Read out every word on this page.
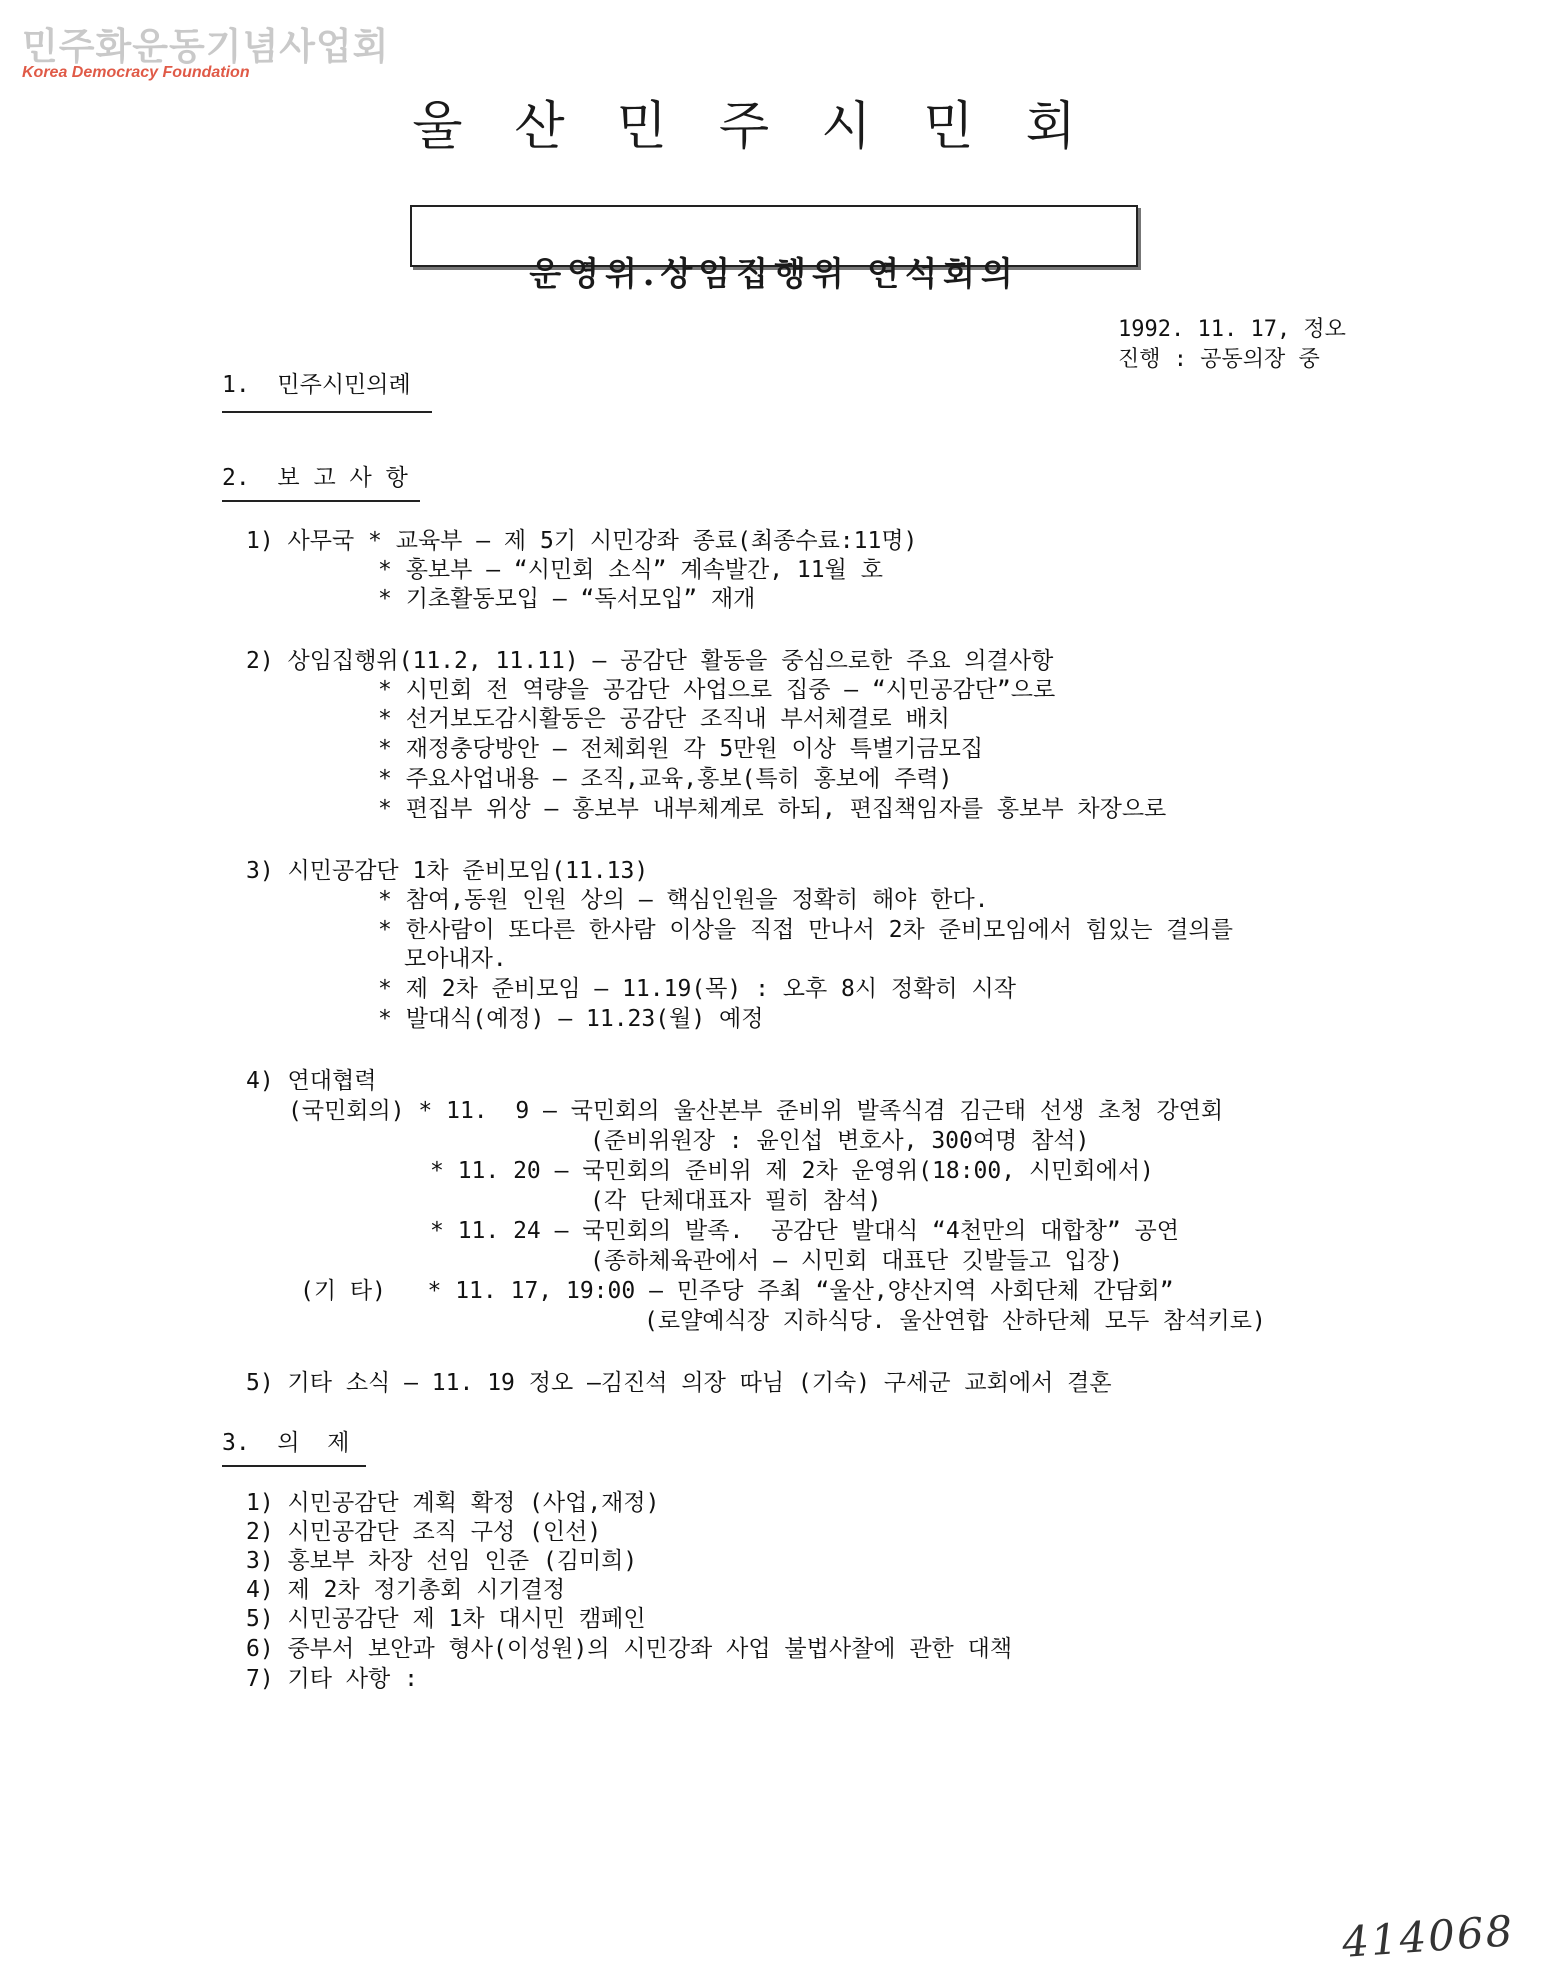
민주화운동기념사업회
Korea Democracy Foundation
울산민주시민회

운영위.상임집행위 연석회의

1992. 11. 17, 정오
진행 : 공동의장 중
1.  민주시민의례
2.  보 고 사 항
1) 사무국 * 교육부 — 제 5기 시민강좌 종료(최종수료:11명)
* 홍보부 — “시민회 소식” 계속발간, 11월 호
* 기초활동모입 — “독서모입” 재개
2) 상임집행위(11.2, 11.11) — 공감단 활동을 중심으로한 주요 의결사항
* 시민회 전 역량을 공감단 사업으로 집중 — “시민공감단”으로
* 선거보도감시활동은 공감단 조직내 부서체결로 배치
* 재정충당방안 — 전체회원 각 5만원 이상 특별기금모집
* 주요사업내용 — 조직,교육,홍보(특히 홍보에 주력)
* 편집부 위상 — 홍보부 내부체계로 하되, 편집책임자를 홍보부 차장으로
3) 시민공감단 1차 준비모임(11.13)
* 참여,동원 인원 상의 — 핵심인원을 정확히 해야 한다.
* 한사람이 또다른 한사람 이상을 직접 만나서 2차 준비모임에서 힘있는 결의를
모아내자.
* 제 2차 준비모임 — 11.19(목) : 오후 8시 정확히 시작
* 발대식(예정) — 11.23(월) 예정
4) 연대협력
(국민회의) * 11.  9 — 국민회의 울산본부 준비위 발족식겸 김근태 선생 초청 강연회
(준비위원장 : 윤인섭 변호사, 300여명 참석)
* 11. 20 — 국민회의 준비위 제 2차 운영위(18:00, 시민회에서)
(각 단체대표자 필히 참석)
* 11. 24 — 국민회의 발족.  공감단 발대식 “4천만의 대합창” 공연
(종하체육관에서 — 시민회 대표단 깃발들고 입장)
(기 타)   * 11. 17, 19:00 — 민주당 주최 “울산,양산지역 사회단체 간담회”
(로얄예식장 지하식당. 울산연합 산하단체 모두 참석키로)
5) 기타 소식 — 11. 19 정오 —김진석 의장 따님 (기숙) 구세군 교회에서 결혼
3.  의  제
1) 시민공감단 계획 확정 (사업,재정)
2) 시민공감단 조직 구성 (인선)
3) 홍보부 차장 선임 인준 (김미희)
4) 제 2차 정기총회 시기결정
5) 시민공감단 제 1차 대시민 캠페인
6) 중부서 보안과 형사(이성원)의 시민강좌 사업 불법사찰에 관한 대책
7) 기타 사항 :
414068
